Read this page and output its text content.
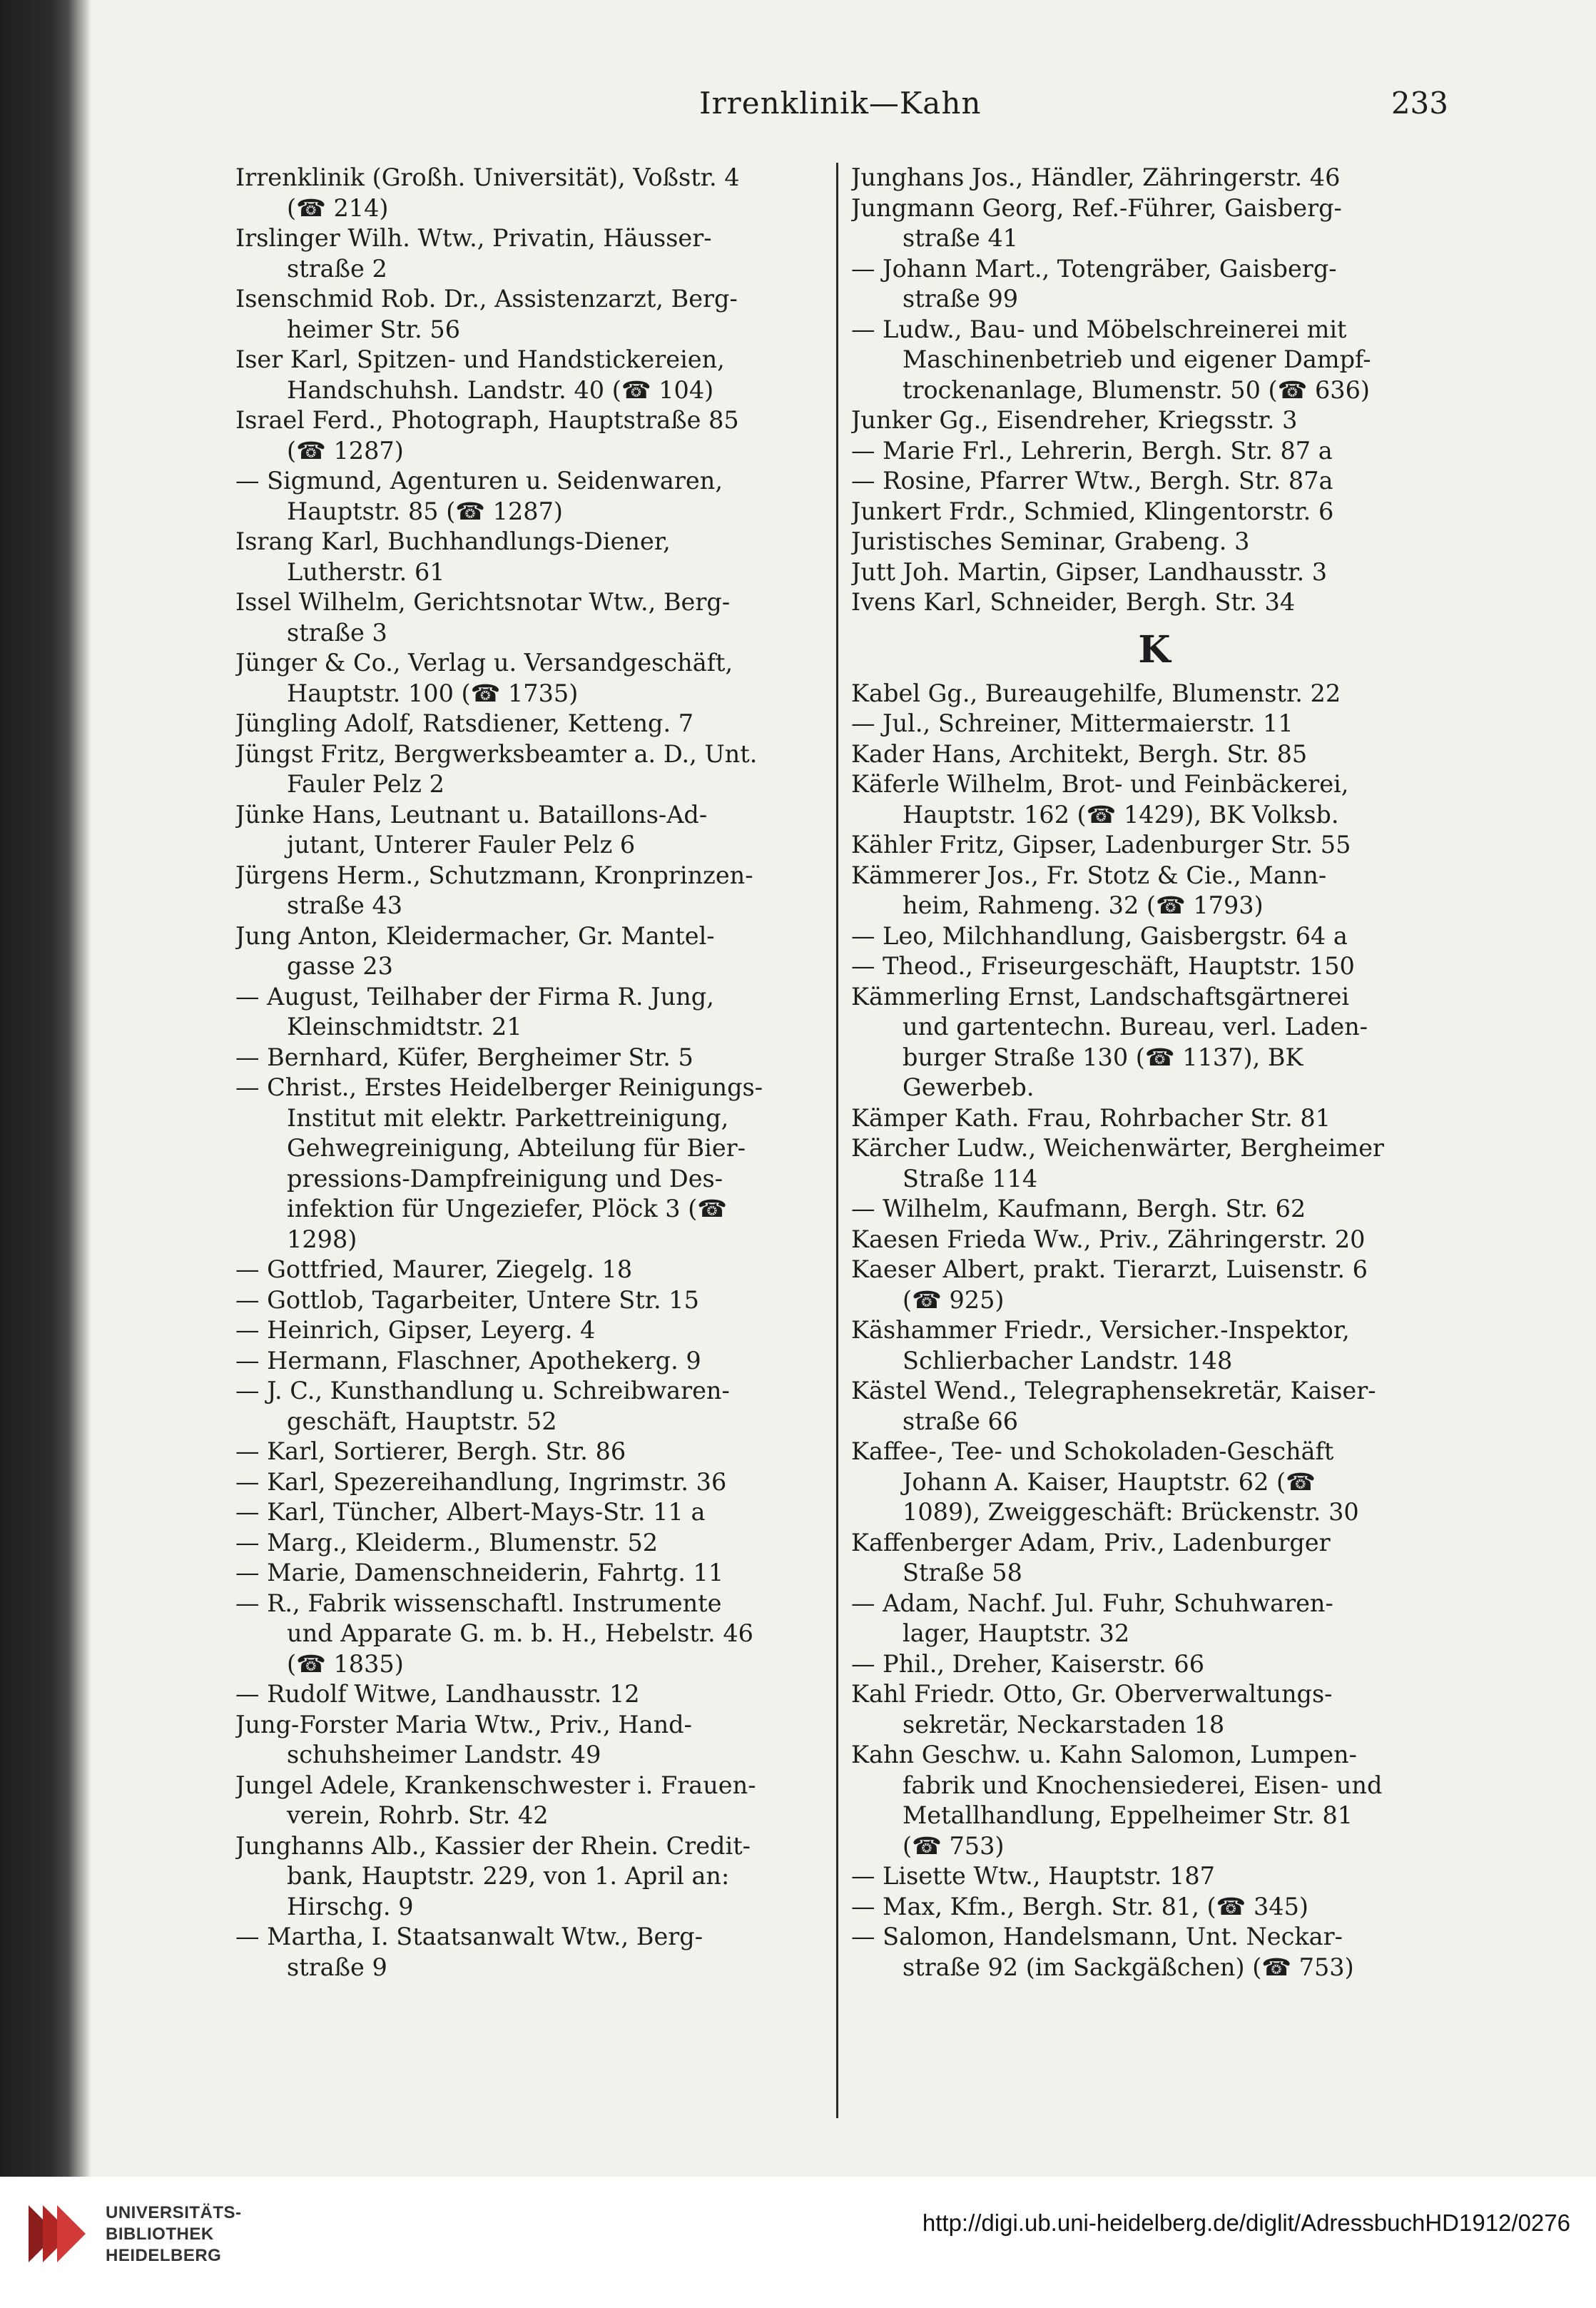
Irrenklinik—Kahn	233
Irrenklinik (Großh. Universität), Voßstr. 4
(☎ 214)
Irslinger Wilh. Wtw., Privatin, Häusser-
straße 2
Isenschmid Rob. Dr., Assistenzarzt, Berg-
heimer Str. 56
Iser Karl, Spitzen- und Handstickereien,
Handschuhsh. Landstr. 40 (☎ 104)
Israel Ferd., Photograph, Hauptstraße 85
(☎ 1287)
— Sigmund, Agenturen u. Seidenwaren,
Hauptstr. 85 (☎ 1287)
Israng Karl, Buchhandlungs-Diener,
Lutherstr. 61
Issel Wilhelm, Gerichtsnotar Wtw., Berg-
straße 3
Jünger & Co., Verlag u. Versandgeschäft,
Hauptstr. 100 (☎ 1735)
Jüngling Adolf, Ratsdiener, Ketteng. 7
Jüngst Fritz, Bergwerksbeamter a. D., Unt.
Fauler Pelz 2
Jünke Hans, Leutnant u. Bataillons-Ad-
jutant, Unterer Fauler Pelz 6
Jürgens Herm., Schutzmann, Kronprinzen-
straße 43
Jung Anton, Kleidermacher, Gr. Mantel-
gasse 23
— August, Teilhaber der Firma R. Jung,
Kleinschmidtstr. 21
— Bernhard, Küfer, Bergheimer Str. 5
— Christ., Erstes Heidelberger Reinigungs-
Institut mit elektr. Parkettreinigung,
Gehwegreinigung, Abteilung für Bier-
pressions-Dampfreinigung und Des-
infektion für Ungeziefer, Plöck 3 (☎
1298)
— Gottfried, Maurer, Ziegelg. 18
— Gottlob, Tagarbeiter, Untere Str. 15
— Heinrich, Gipser, Leyerg. 4
— Hermann, Flaschner, Apothekerg. 9
— J. C., Kunsthandlung u. Schreibwaren-
geschäft, Hauptstr. 52
— Karl, Sortierer, Bergh. Str. 86
— Karl, Spezereihandlung, Ingrimstr. 36
— Karl, Tüncher, Albert-Mays-Str. 11 a
— Marg., Kleiderm., Blumenstr. 52
— Marie, Damenschneiderin, Fahrtg. 11
— R., Fabrik wissenschaftl. Instrumente
und Apparate G. m. b. H., Hebelstr. 46
(☎ 1835)
— Rudolf Witwe, Landhausstr. 12
Jung-Forster Maria Wtw., Priv., Hand-
schuhsheimer Landstr. 49
Jungel Adele, Krankenschwester i. Frauen-
verein, Rohrb. Str. 42
Junghanns Alb., Kassier der Rhein. Credit-
bank, Hauptstr. 229, von 1. April an:
Hirschg. 9
— Martha, I. Staatsanwalt Wtw., Berg-
straße 9
Junghans Jos., Händler, Zähringerstr. 46
Jungmann Georg, Ref.-Führer, Gaisberg-
straße 41
— Johann Mart., Totengräber, Gaisberg-
straße 99
— Ludw., Bau- und Möbelschreinerei mit
Maschinenbetrieb und eigener Dampf-
trockenanlage, Blumenstr. 50 (☎ 636)
Junker Gg., Eisendreher, Kriegsstr. 3
— Marie Frl., Lehrerin, Bergh. Str. 87 a
— Rosine, Pfarrer Wtw., Bergh. Str. 87a
Junkert Frdr., Schmied, Klingentorstr. 6
Juristisches Seminar, Grabeng. 3
Jutt Joh. Martin, Gipser, Landhausstr. 3
Ivens Karl, Schneider, Bergh. Str. 34
K
Kabel Gg., Bureaugehilfe, Blumenstr. 22
— Jul., Schreiner, Mittermaierstr. 11
Kader Hans, Architekt, Bergh. Str. 85
Käferle Wilhelm, Brot- und Feinbäckerei,
Hauptstr. 162 (☎ 1429), BK Volksb.
Kähler Fritz, Gipser, Ladenburger Str. 55
Kämmerer Jos., Fr. Stotz & Cie., Mann-
heim, Rahmeng. 32 (☎ 1793)
— Leo, Milchhandlung, Gaisbergstr. 64 a
— Theod., Friseurgeschäft, Hauptstr. 150
Kämmerling Ernst, Landschaftsgärtnerei
und gartentechn. Bureau, verl. Laden-
burger Straße 130 (☎ 1137), BK
Gewerbeb.
Kämper Kath. Frau, Rohrbacher Str. 81
Kärcher Ludw., Weichenwärter, Bergheimer
Straße 114
— Wilhelm, Kaufmann, Bergh. Str. 62
Kaesen Frieda Ww., Priv., Zähringerstr. 20
Kaeser Albert, prakt. Tierarzt, Luisenstr. 6
(☎ 925)
Käshammer Friedr., Versicher.-Inspektor,
Schlierbacher Landstr. 148
Kästel Wend., Telegraphensekretär, Kaiser-
straße 66
Kaffee-, Tee- und Schokoladen-Geschäft
Johann A. Kaiser, Hauptstr. 62 (☎
1089), Zweiggeschäft: Brückenstr. 30
Kaffenberger Adam, Priv., Ladenburger
Straße 58
— Adam, Nachf. Jul. Fuhr, Schuhwaren-
lager, Hauptstr. 32
— Phil., Dreher, Kaiserstr. 66
Kahl Friedr. Otto, Gr. Oberverwaltungs-
sekretär, Neckarstaden 18
Kahn Geschw. u. Kahn Salomon, Lumpen-
fabrik und Knochensiederei, Eisen- und
Metallhandlung, Eppelheimer Str. 81
(☎ 753)
— Lisette Wtw., Hauptstr. 187
— Max, Kfm., Bergh. Str. 81, (☎ 345)
— Salomon, Handelsmann, Unt. Neckar-
straße 92 (im Sackgäßchen) (☎ 753)
UNIVERSITÄTS-
BIBLIOTHEK
HEIDELBERG
http://digi.ub.uni-heidelberg.de/diglit/AdressbuchHD1912/0276
